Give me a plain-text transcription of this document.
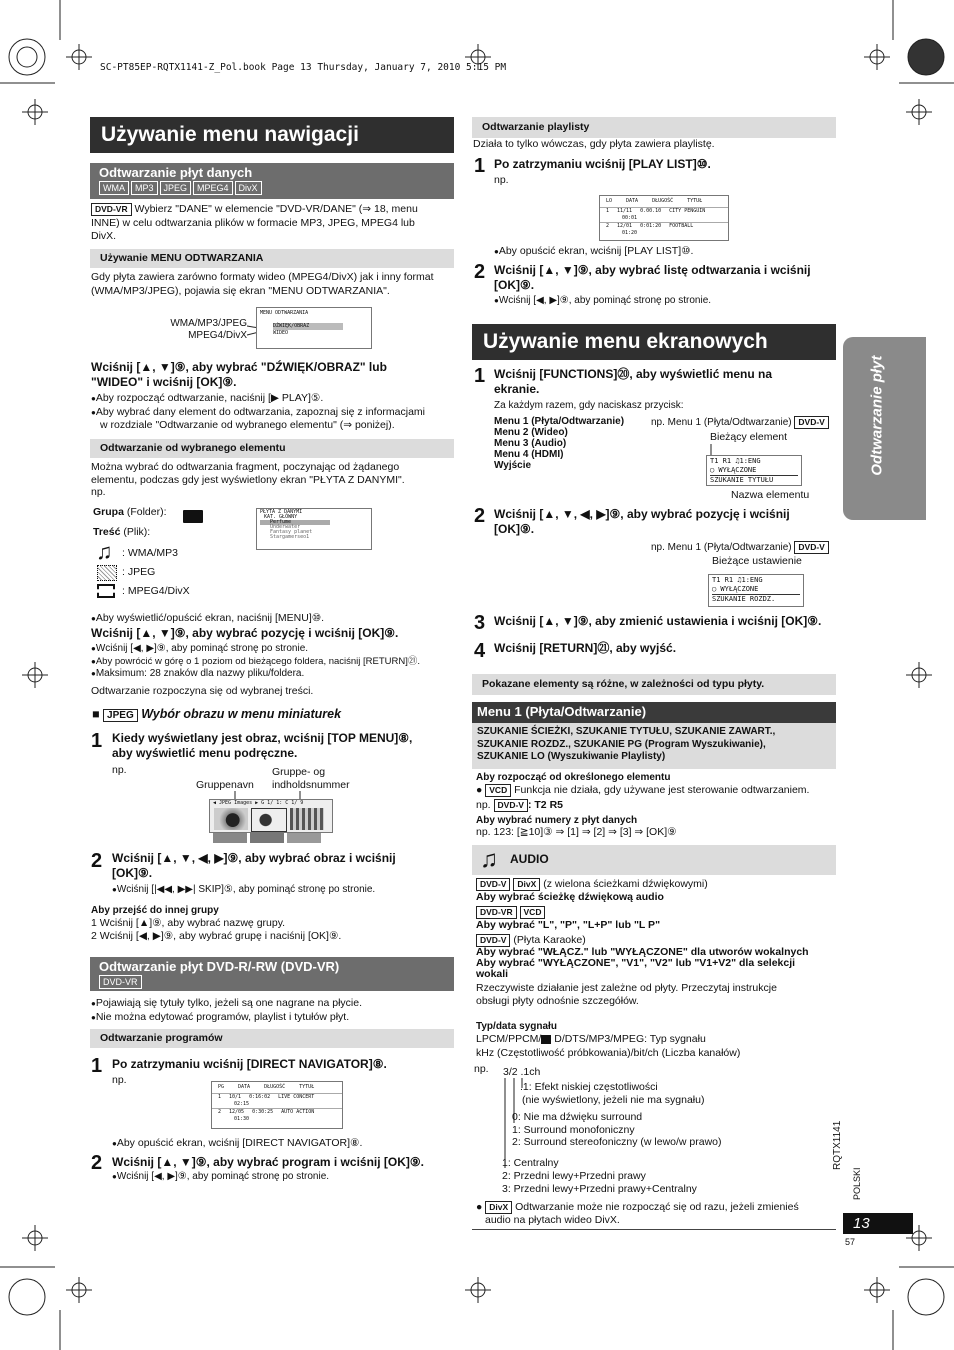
SC-PT85EP-RQTX1141-Z_Pol.book Page 13 Thursday, January 7, 2010 5:15 PM
Używanie menu nawigacji
Odtwarzanie płyt danych
WMA MP3 JPEG MPEG4 DivX
DVD-VR Wybierz "DANE" w elemencie "DVD-VR/DANE" (⇒ 18, menu
INNE) w celu odtwarzania plików w formacie MP3, JPEG, MPEG4 lub
DivX.
Używanie MENU ODTWARZANIA
Gdy płyta zawiera zarówno formaty wideo (MPEG4/DivX) jak i inny format
(WMA/MP3/JPEG), pojawia się ekran "MENU ODTWARZANIA".
WMA/MP3/JPEG
MPEG4/DivX
MENU ODTWARZANIA
DŹWIĘK/OBRAZ
WIDEO
Wciśnij [▲, ▼]⑨, aby wybrać "DŹWIĘK/OBRAZ" lub
"WIDEO" i wciśnij [OK]⑨.
● Aby rozpocząć odtwarzanie, naciśnij [▶ PLAY]⑤.
● Aby wybrać dany element do odtwarzania, zapoznaj się z informacjami
w rozdziale "Odtwarzanie od wybranego elementu" (⇒ poniżej).
Odtwarzanie od wybranego elementu
Można wybrać do odtwarzania fragment, poczynając od żądanego
elementu, podczas gdy jest wyświetlony ekran "PŁYTA Z DANYMI".
np.
Grupa (Folder):
Treść (Plik):
♫ : WMA/MP3
: JPEG
: MPEG4/DivX
PŁYTA Z DANYMI
KAT. GŁÓWNY
Perfume
Underwater
Fantasy planet
Stargamerseo1
● Aby wyświetlić/opuścić ekran, naciśnij [MENU]⑩.
Wciśnij [▲, ▼]⑨, aby wybrać pozycję i wciśnij [OK]⑨.
● Wciśnij [◀, ▶]⑨, aby pominąć stronę po stronie.
● Aby powrócić w górę o 1 poziom od bieżącego foldera, naciśnij [RETURN]㉑.
● Maksimum: 28 znaków dla nazwy pliku/foldera.
Odtwarzanie rozpoczyna się od wybranej treści.
■ JPEG Wybór obrazu w menu miniaturek
1 Kiedy wyświetlany jest obraz, wciśnij [TOP MENU]⑧,
aby wyświetlić menu podręczne.
np.
Gruppenavn
Gruppe- og
indholdsnummer
◀ JPEG Images ▶ G 1/ 1: C 1/ 9
2 Wciśnij [▲, ▼, ◀, ▶]⑨, aby wybrać obraz i wciśnij
[OK]⑨.
● Wciśnij [|◀◀, ▶▶| SKIP]⑤, aby pominąć stronę po stronie.
Aby przejść do innej grupy
1 Wciśnij [▲]⑨, aby wybrać nazwę grupy.
2 Wciśnij [◀, ▶]⑨, aby wybrać grupę i naciśnij [OK]⑨.
Odtwarzanie płyt DVD-R/-RW (DVD-VR)
DVD-VR
● Pojawiają się tytuły tylko, jeżeli są one nagrane na płycie.
● Nie można edytować programów, playlist i tytułów płyt.
Odtwarzanie programów
1 Po zatrzymaniu wciśnij [DIRECT NAVIGATOR]⑧.
np.
PG	DATA	DŁUGOŚĆ	TYTUŁ
1 10/1 0:16:02 LIVE CONCERT
02:15
2 12/05 0:30:25 AUTO ACTION
01:30
● Aby opuścić ekran, wciśnij [DIRECT NAVIGATOR]⑧.
2 Wciśnij [▲, ▼]⑨, aby wybrać program i wciśnij [OK]⑨.
● Wciśnij [◀, ▶]⑨, aby pominąć stronę po stronie.
Odtwarzanie playlisty
Działa to tylko wówczas, gdy płyta zawiera playlistę.
1 Po zatrzymaniu wciśnij [PLAY LIST]⑩.
np.
LO	DATA	DŁUGOŚĆ	TYTUŁ
1 11/11 0.00.10 CITY PENGUIN
00:01
2 12/01 0:01:20 FOOTBALL
01:20
● Aby opuścić ekran, wciśnij [PLAY LIST]⑩.
2 Wciśnij [▲, ▼]⑨, aby wybrać listę odtwarzania i wciśnij
[OK]⑨.
● Wciśnij [◀, ▶]⑨, aby pominąć stronę po stronie.
Używanie menu ekranowych
1 Wciśnij [FUNCTIONS]⑳, aby wyświetlić menu na
ekranie.
Za każdym razem, gdy naciskasz przycisk:
Menu 1 (Płyta/Odtwarzanie)
Menu 2 (Wideo)
Menu 3 (Audio)
Menu 4 (HDMI)
Wyjście
np. Menu 1 (Płyta/Odtwarzanie) DVD-V
Bieżący element
T1 R1 ♫1:ENG
◯ WYŁĄCZONE
SZUKANIE TYTUŁU
Nazwa elementu
2 Wciśnij [▲, ▼, ◀, ▶]⑨, aby wybrać pozycję i wciśnij
[OK]⑨.
np. Menu 1 (Płyta/Odtwarzanie) DVD-V
Bieżące ustawienie
T1 R1 ♫1:ENG
◯ WYŁĄCZONE
SZUKANIE ROZDZ.
3 Wciśnij [▲, ▼]⑨, aby zmienić ustawienia i wciśnij [OK]⑨.
4 Wciśnij [RETURN]㉑, aby wyjść.
Pokazane elementy są różne, w zależności od typu płyty.
Menu 1 (Płyta/Odtwarzanie)
SZUKANIE ŚCIEŻKI, SZUKANIE TYTUŁU, SZUKANIE ZAWART.,
SZUKANIE ROZDZ., SZUKANIE PG (Program Wyszukiwanie),
SZUKANIE LO (Wyszukiwanie Playlisty)
Aby rozpocząć od określonego elementu
● VCD Funkcja nie działa, gdy używane jest sterowanie odtwarzaniem.
np. DVD-V : T2 R5
Aby wybrać numery z płyt danych
np. 123: [≧10]③ ⇒ [1] ⇒ [2] ⇒ [3] ⇒ [OK]⑨
♫ AUDIO
DVD-V DivX (z wielona ścieżkami dźwiękowymi)
Aby wybrać ścieżkę dźwiękową audio
DVD-VR VCD
Aby wybrać "L", "P", "L+P" lub "L P"
DVD-V (Płyta Karaoke)
Aby wybrać "WŁĄCZ." lub "WYŁĄCZONE" dla utworów wokalnych
Aby wybrać "WYŁĄCZONE", "V1", "V2" lub "V1+V2" dla selekcji
wokali
Rzeczywiste działanie jest zależne od płyty. Przeczytaj instrukcje
obsługi płyty odnośnie szczegółów.
Typ/data sygnału
LPCM/PPCM/ D/DTS/MP3/MPEG: Typ sygnału
kHz (Częstotliwość próbkowania)/bit/ch (Liczba kanałów)
np. 3/2 .1ch
.1: Efekt niskiej częstotliwości
(nie wyświetlony, jeżeli nie ma sygnału)
0: Nie ma dźwięku surround
1: Surround monofoniczny
2: Surround stereofoniczny (w lewo/w prawo)
1: Centralny
2: Przedni lewy+Przedni prawy
3: Przedni lewy+Przedni prawy+Centralny
● DivX Odtwarzanie może nie rozpocząć się od razu, jeżeli zmienieś
audio na płytach wideo DivX.
Odtwarzanie płyt
RQTX1141
POLSKI
13
57
